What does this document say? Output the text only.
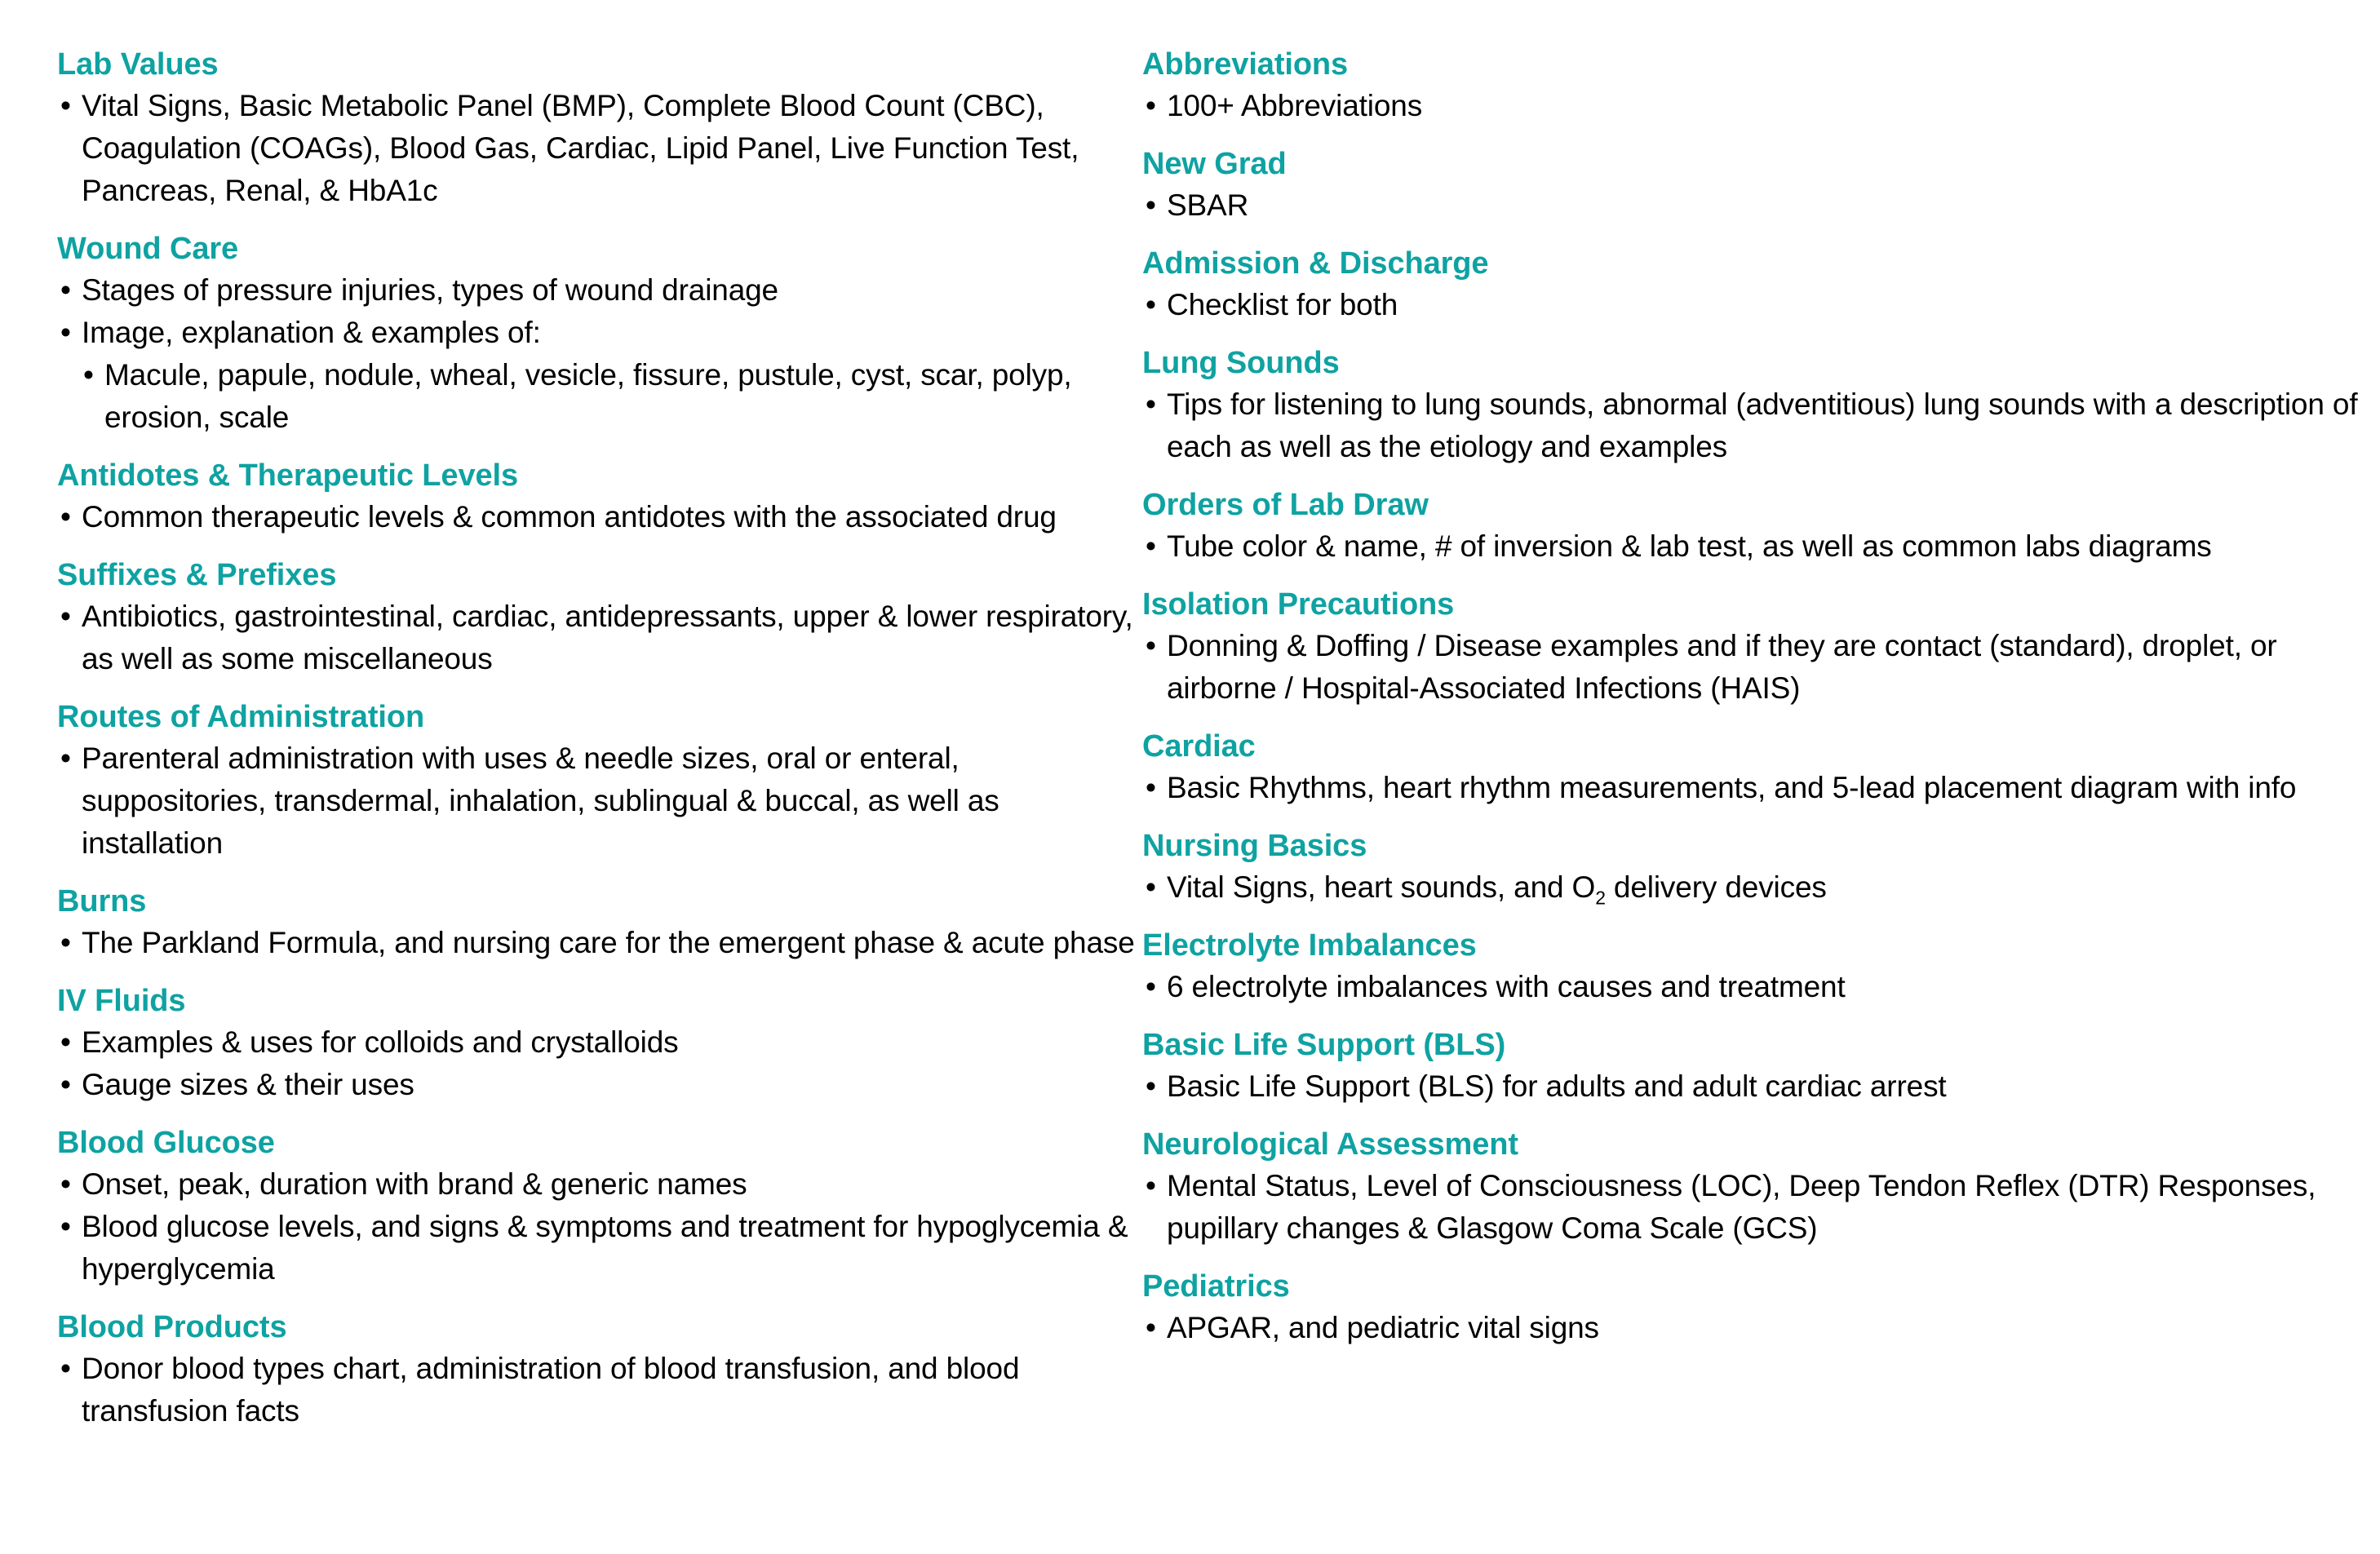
Lab Values
• Vital Signs, Basic Metabolic Panel (BMP), Complete Blood Count (CBC), Coagulation (COAGs), Blood Gas, Cardiac, Lipid Panel, Live Function Test, Pancreas, Renal, & HbA1c
Wound Care
• Stages of pressure injuries, types of wound drainage
• Image, explanation & examples of:
• Macule, papule, nodule, wheal, vesicle, fissure, pustule, cyst, scar, polyp, erosion, scale
Antidotes & Therapeutic Levels
• Common therapeutic levels & common antidotes with the associated drug
Suffixes & Prefixes
• Antibiotics, gastrointestinal, cardiac, antidepressants, upper & lower respiratory, as well as some miscellaneous
Routes of Administration
• Parenteral administration with uses & needle sizes, oral or enteral, suppositories, transdermal, inhalation, sublingual & buccal, as well as installation
Burns
• The Parkland Formula, and nursing care for the emergent phase & acute phase
IV Fluids
• Examples & uses for colloids and crystalloids
• Gauge sizes & their uses
Blood Glucose
• Onset, peak, duration with brand & generic names
• Blood glucose levels, and signs & symptoms and treatment for hypoglycemia & hyperglycemia
Blood Products
• Donor blood types chart, administration of blood transfusion, and blood transfusion facts
Abbreviations
• 100+ Abbreviations
New Grad
• SBAR
Admission & Discharge
• Checklist for both
Lung Sounds
• Tips for listening to lung sounds, abnormal (adventitious) lung sounds with a description of each as well as the etiology and examples
Orders of Lab Draw
• Tube color & name, # of inversion & lab test, as well as common labs diagrams
Isolation Precautions
• Donning & Doffing / Disease examples and if they are contact (standard), droplet, or airborne / Hospital-Associated Infections (HAIS)
Cardiac
• Basic Rhythms, heart rhythm measurements, and 5-lead placement diagram with info
Nursing Basics
• Vital Signs, heart sounds, and $O_2$ delivery devices
Electrolyte Imbalances
• 6 electrolyte imbalances with causes and treatment
Basic Life Support (BLS)
• Basic Life Support (BLS) for adults and adult cardiac arrest
Neurological Assessment
• Mental Status, Level of Consciousness (LOC), Deep Tendon Reflex (DTR) Responses, pupillary changes & Glasgow Coma Scale (GCS)
Pediatrics
• APGAR, and pediatric vital signs
